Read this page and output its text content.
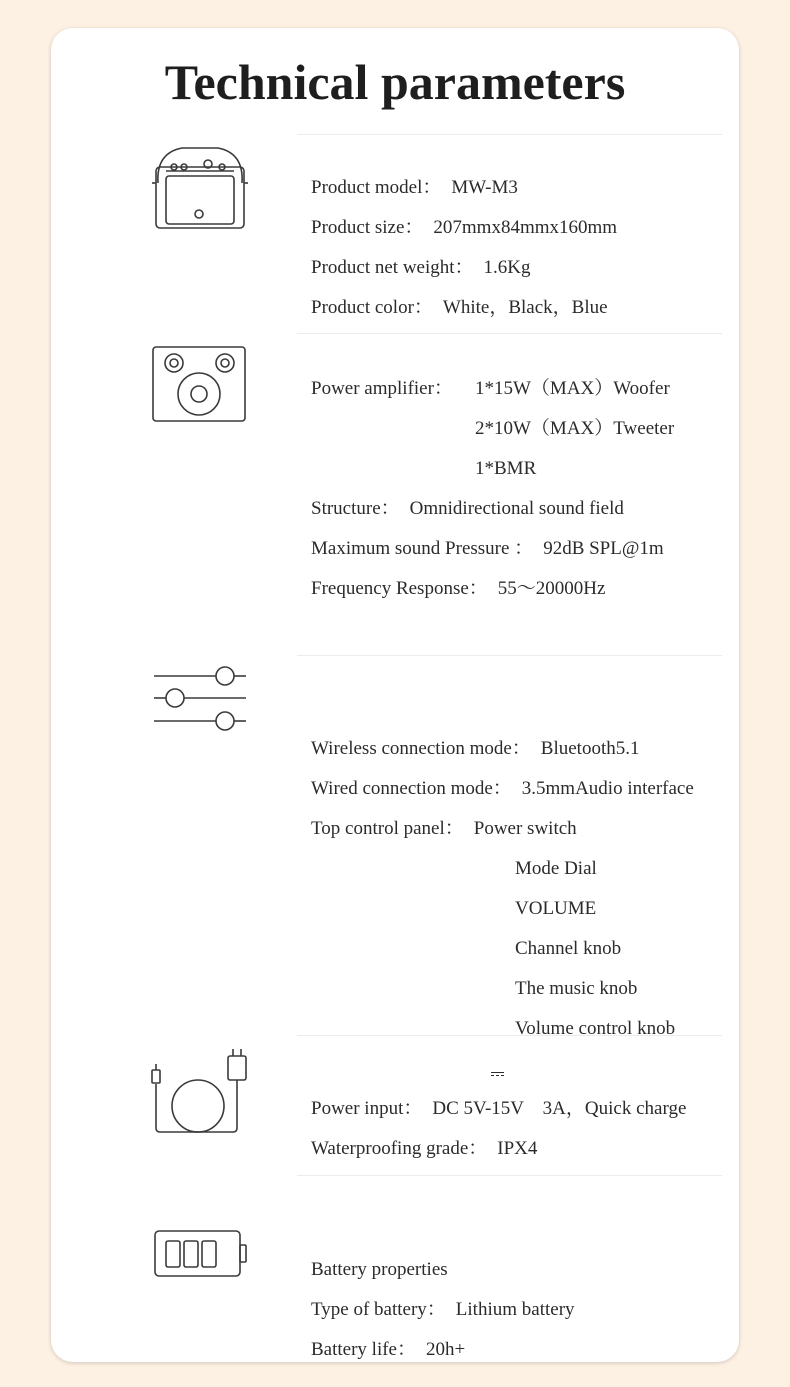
Technical parameters
Product model： MW-M3
Product size： 207mmx84mmx160mm
Product net weight： 1.6Kg
Product color： White，Black，Blue
Power amplifier： 1*15W（MAX）Woofer
2*10W（MAX）Tweeter
1*BMR
Structure： Omnidirectional sound field
Maximum sound Pressure ： 92dB SPL@1m
Frequency Response： 55～20000Hz
Wireless connection mode： Bluetooth5.1
Wired connection mode： 3.5mmAudio interface
Top control panel： Power switch
Mode Dial
VOLUME
Channel knob
The music knob
Volume control knob
Power input： DC 5V-15V　3A，Quick charge
Waterproofing grade： IPX4
Battery properties
Type of battery： Lithium battery
Battery life： 20h+
